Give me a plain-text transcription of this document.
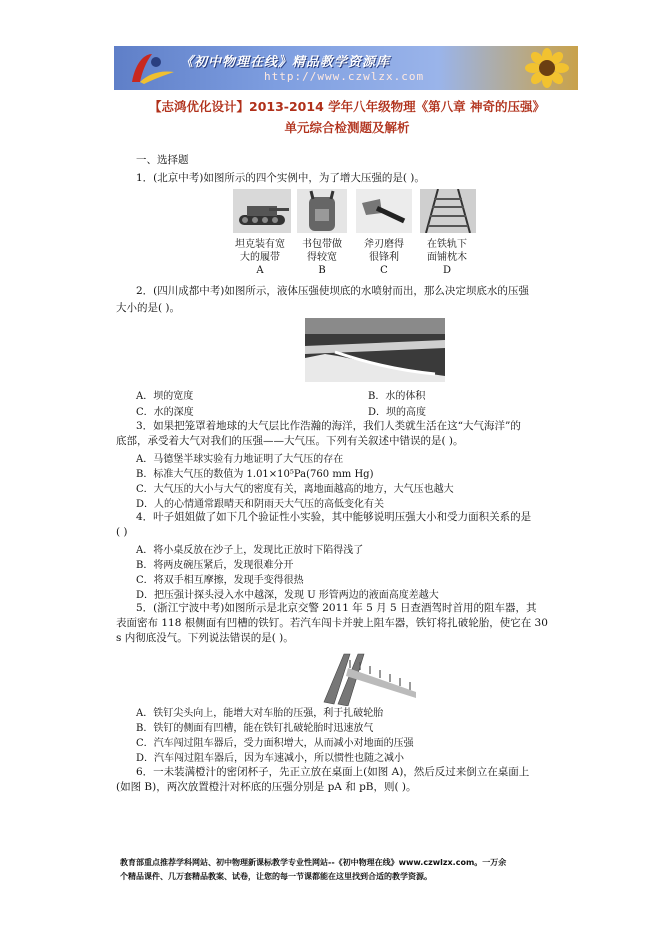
《初中物理在线》精品教学资源库
http://www.czwlzx.com
【志鸿优化设计】2013-2014 学年八年级物理《第八章 神奇的压强》
单元综合检测题及解析
一、选择题
1．(北京中考)如图所示的四个实例中，为了增大压强的是( )。
坦克装有宽
大的履带
书包带做
得较宽
斧刃磨得
很锋利
在铁轨下
面铺枕木
A	B	C	D
2．(四川成都中考)如图所示，液体压强使坝底的水喷射而出，那么决定坝底水的压强
大小的是( )。
A．坝的宽度	B．水的体积
C．水的深度	D．坝的高度
3．如果把笼罩着地球的大气层比作浩瀚的海洋，我们人类就生活在这“大气海洋”的
底部，承受着大气对我们的压强——大气压。下列有关叙述中错误的是( )。
A．马德堡半球实验有力地证明了大气压的存在
B．标准大气压的数值为 1.01×10⁵Pa(760 mm Hg)
C．大气压的大小与大气的密度有关，离地面越高的地方，大气压也越大
D．人的心情通常跟晴天和阴雨天大气压的高低变化有关
4．叶子姐姐做了如下几个验证性小实验，其中能够说明压强大小和受力面积关系的是
( )
A．将小桌反放在沙子上，发现比正放时下陷得浅了
B．将两皮碗压紧后，发现很难分开
C．将双手相互摩擦，发现手变得很热
D．把压强计探头浸入水中越深，发现 U 形管两边的液面高度差越大
5．(浙江宁波中考)如图所示是北京交警 2011 年 5 月 5 日查酒驾时首用的阻车器，其
表面密布 118 根侧面有凹槽的铁钉。若汽车闯卡并驶上阻车器，铁钉将扎破轮胎，使它在 30
s 内彻底没气。下列说法错误的是( )。
A．铁钉尖头向上，能增大对车胎的压强，利于扎破轮胎
B．铁钉的侧面有凹槽，能在铁钉扎破轮胎时迅速放气
C．汽车闯过阻车器后，受力面积增大，从而减小对地面的压强
D．汽车闯过阻车器后，因为车速减小，所以惯性也随之减小
6．一未装满橙汁的密闭杯子，先正立放在桌面上(如图 A)，然后反过来倒立在桌面上
(如图 B)，两次放置橙汁对杯底的压强分别是 pA 和 pB，则( )。
教育部重点推荐学科网站、初中物理新课标教学专业性网站--《初中物理在线》www.czwlzx.com。一万余
个精品课件、几万套精品教案、试卷，让您的每一节课都能在这里找到合适的教学资源。
